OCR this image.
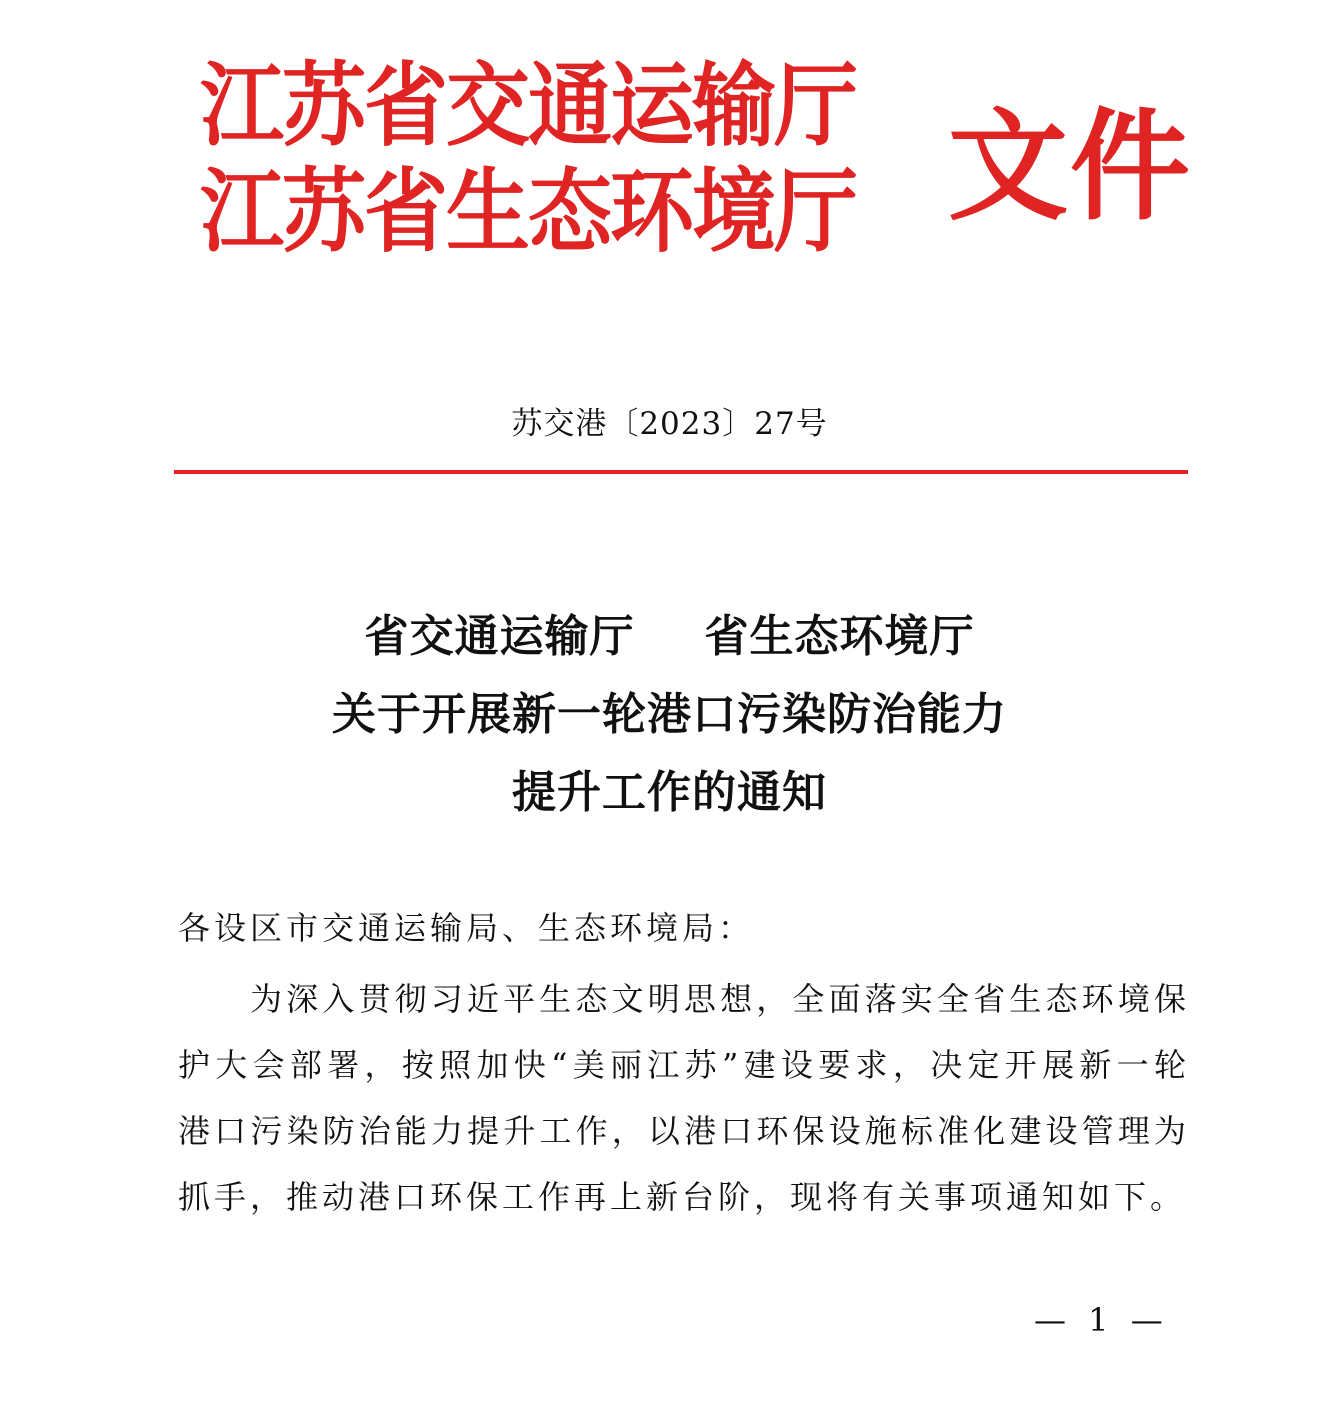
江苏省交通运输厅
江苏省生态环境厅 文件
苏交港〔2023〕27号
省交通运输厅 省生态环境厅
关于开展新一轮港口污染防治能力
提升工作的通知
各设区市交通运输局、生态环境局：

为深入贯彻习近平生态文明思想，全面落实全省生态环境保护大会部署，按照加快“美丽江苏”建设要求，决定开展新一轮港口污染防治能力提升工作，以港口环保设施标准化建设管理为抓手，推动港口环保工作再上新台阶，现将有关事项通知如下。

— 1 —
